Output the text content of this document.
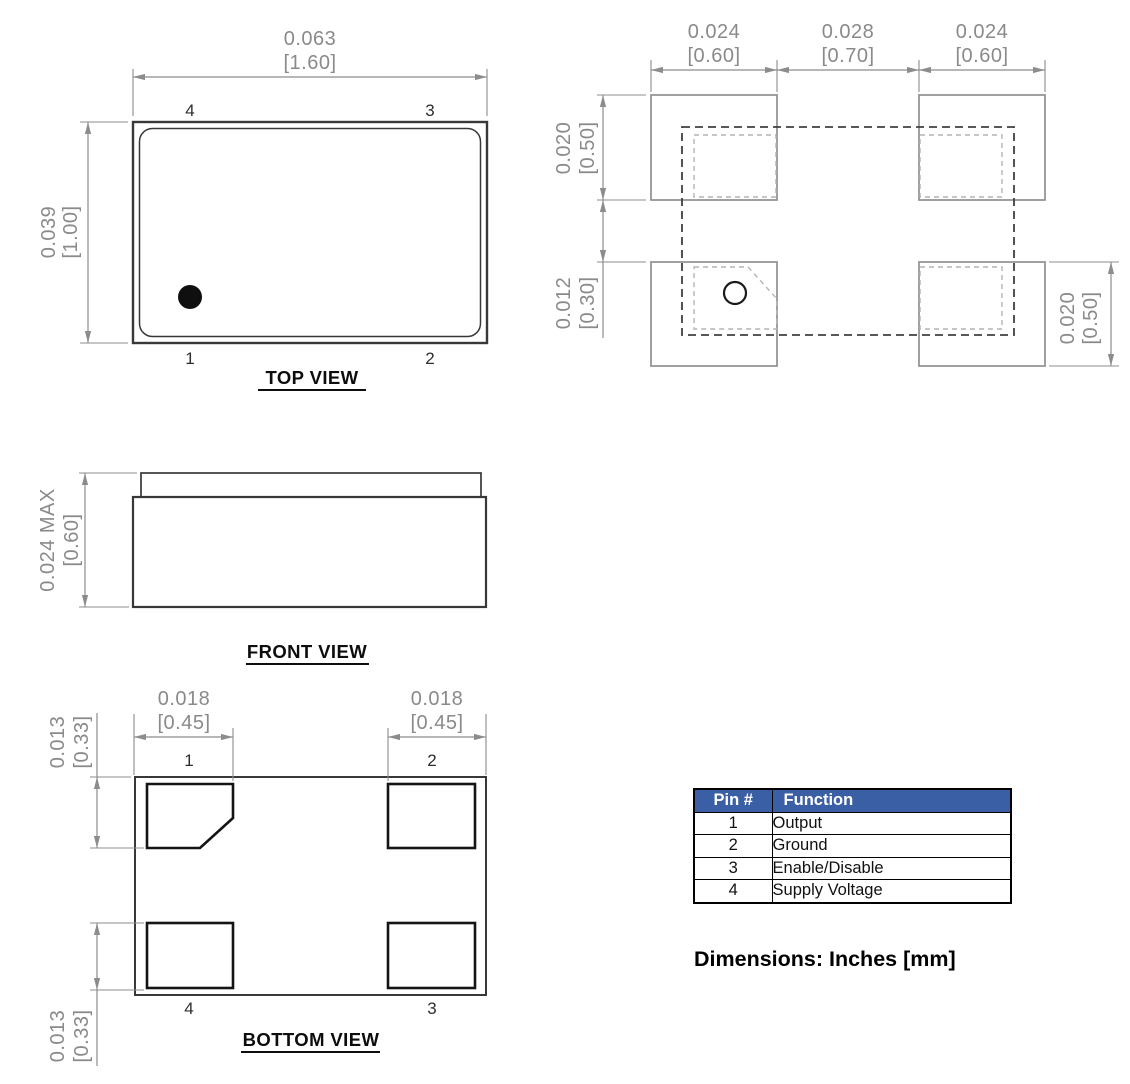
4	3
1	2
0.063
[1.60]
0.039 [1.00]
TOP VIEW
0.024
[0.60]
0.028
[0.70]
0.024
[0.60]
0.020 [0.50]
0.012 [0.30]	0.020 [0.50]
0.024 MAX [0.60]
FRONT VIEW
1	2
4	3
0.018
[0.45]
0.018
[0.45]
0.013 [0.33]
0.013 [0.33]	BOTTOM VIEW
Pin #	Function
1	Output
2	Ground
3	Enable/Disable
4	Supply Voltage
Dimensions: Inches [mm]
